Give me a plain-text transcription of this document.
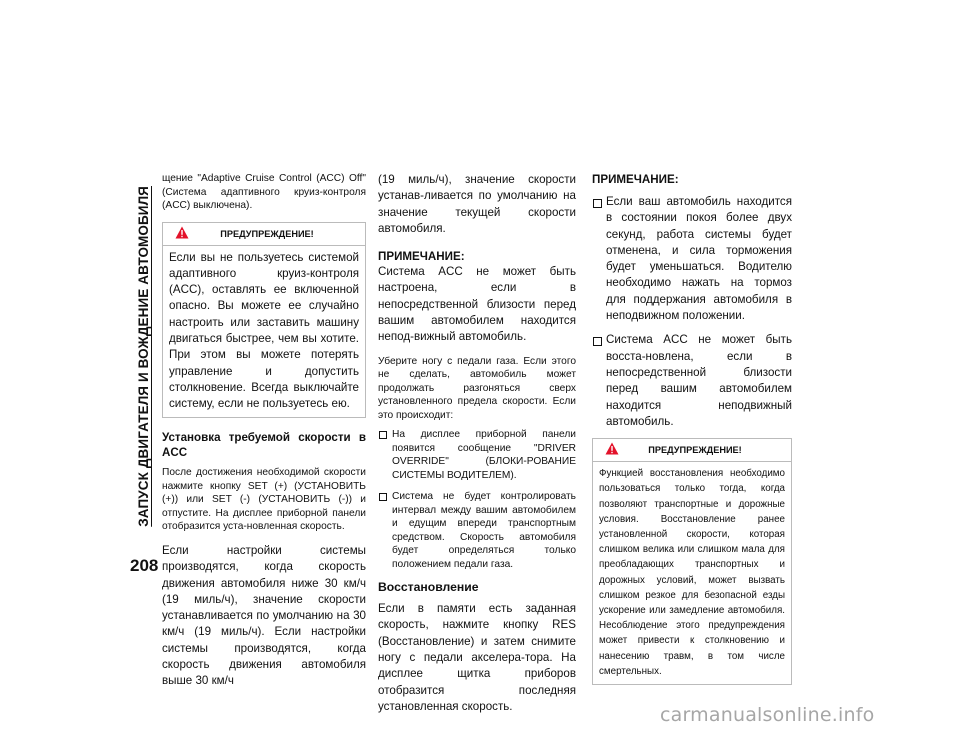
ЗАПУСК ДВИГАТЕЛЯ И ВОЖДЕНИЕ АВТОМОБИЛЯ
208

щение "Adaptive Cruise Control (ACC) Off" (Система адаптивного круиз-контроля (ACC) выключена).

ПРЕДУПРЕЖДЕНИЕ!

Если вы не пользуетесь системой адаптивного круиз-контроля (ACC), оставлять ее включенной опасно. Вы можете ее случайно настроить или заставить машину двигаться быстрее, чем вы хотите. При этом вы можете потерять управление и допустить столкновение. Всегда выключайте систему, если не пользуетесь ею.

Установка требуемой скорости в ACC

После достижения необходимой скорости нажмите кнопку SET (+) (УСТАНОВИТЬ (+)) или SET (-) (УСТАНОВИТЬ (-)) и отпустите. На дисплее приборной панели отобразится уста-новленная скорость.

Если настройки системы производятся, когда скорость движения автомобиля ниже 30 км/ч (19 миль/ч), значение скорости устанавливается по умолчанию на 30 км/ч (19 миль/ч). Если настройки системы производятся, когда скорость движения автомобиля выше 30 км/ч

(19 миль/ч), значение скорости устанав-ливается по умолчанию на значение текущей скорости автомобиля.

ПРИМЕЧАНИЕ:

Система ACC не может быть настроена, если в непосредственной близости перед вашим автомобилем находится непод-вижный автомобиль.

Уберите ногу с педали газа. Если этого не сделать, автомобиль может продолжать разгоняться сверх установленного предела скорости. Если это происходит:

На дисплее приборной панели появится сообщение "DRIVER OVERRIDE" (БЛОКИ-РОВАНИЕ СИСТЕМЫ ВОДИТЕЛЕМ).
Система не будет контролировать интервал между вашим автомобилем и едущим впереди транспортным средством. Скорость автомобиля будет определяться только положением педали газа.

Восстановление

Если в памяти есть заданная скорость, нажмите кнопку RES (Восстановление) и затем снимите ногу с педали акселера-тора. На дисплее щитка приборов отобразится последняя установленная скорость.

ПРИМЕЧАНИЕ:

Если ваш автомобиль находится в состоянии покоя более двух секунд, работа системы будет отменена, и сила торможения будет уменьшаться. Водителю необходимо нажать на тормоз для поддержания автомобиля в неподвижном положении.
Система ACC не может быть восста-новлена, если в непосредственной близости перед вашим автомобилем находится неподвижный автомобиль.
ПРЕДУПРЕЖДЕНИЕ!

Функцией восстановления необходимо пользоваться только тогда, когда позволяют транспортные и дорожные условия. Восстановление ранее установленной скорости, которая слишком велика или слишком мала для преобладающих транспортных и дорожных условий, может вызвать слишком резкое для безопасной езды ускорение или замедление автомобиля. Несоблюдение этого предупреждения может привести к столкновению и нанесению травм, в том числе смертельных.

carmanualsonline.info
